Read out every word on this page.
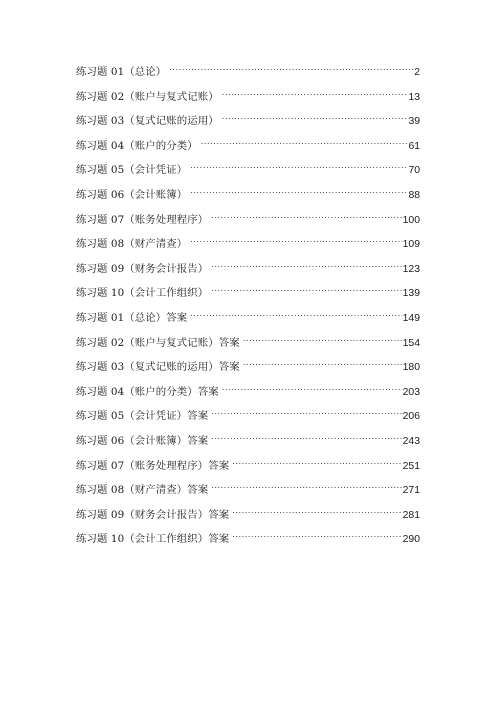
练习题 01（总论） .....	2
练习题 02（账户与复式记账） .....	13
练习题 03（复式记账的运用） .....	39
练习题 04（账户的分类） .....	61
练习题 05（会计凭证） .....	70
练习题 06（会计账簿） .....	88
练习题 07（账务处理程序） .....	100
练习题 08（财产清查） .....	109
练习题 09（财务会计报告） .....	123
练习题 10（会计工作组织） .....	139
练习题 01（总论）答案 .....	149
练习题 02（账户与复式记账）答案 .....	154
练习题 03（复式记账的运用）答案 .....	180
练习题 04（账户的分类）答案 .....	203
练习题 05（会计凭证）答案 .....	206
练习题 06（会计账簿）答案 .....	243
练习题 07（账务处理程序）答案 .....	251
练习题 08（财产清查）答案 .....	271
练习题 09（财务会计报告）答案 .....	281
练习题 10（会计工作组织）答案 .....	290
